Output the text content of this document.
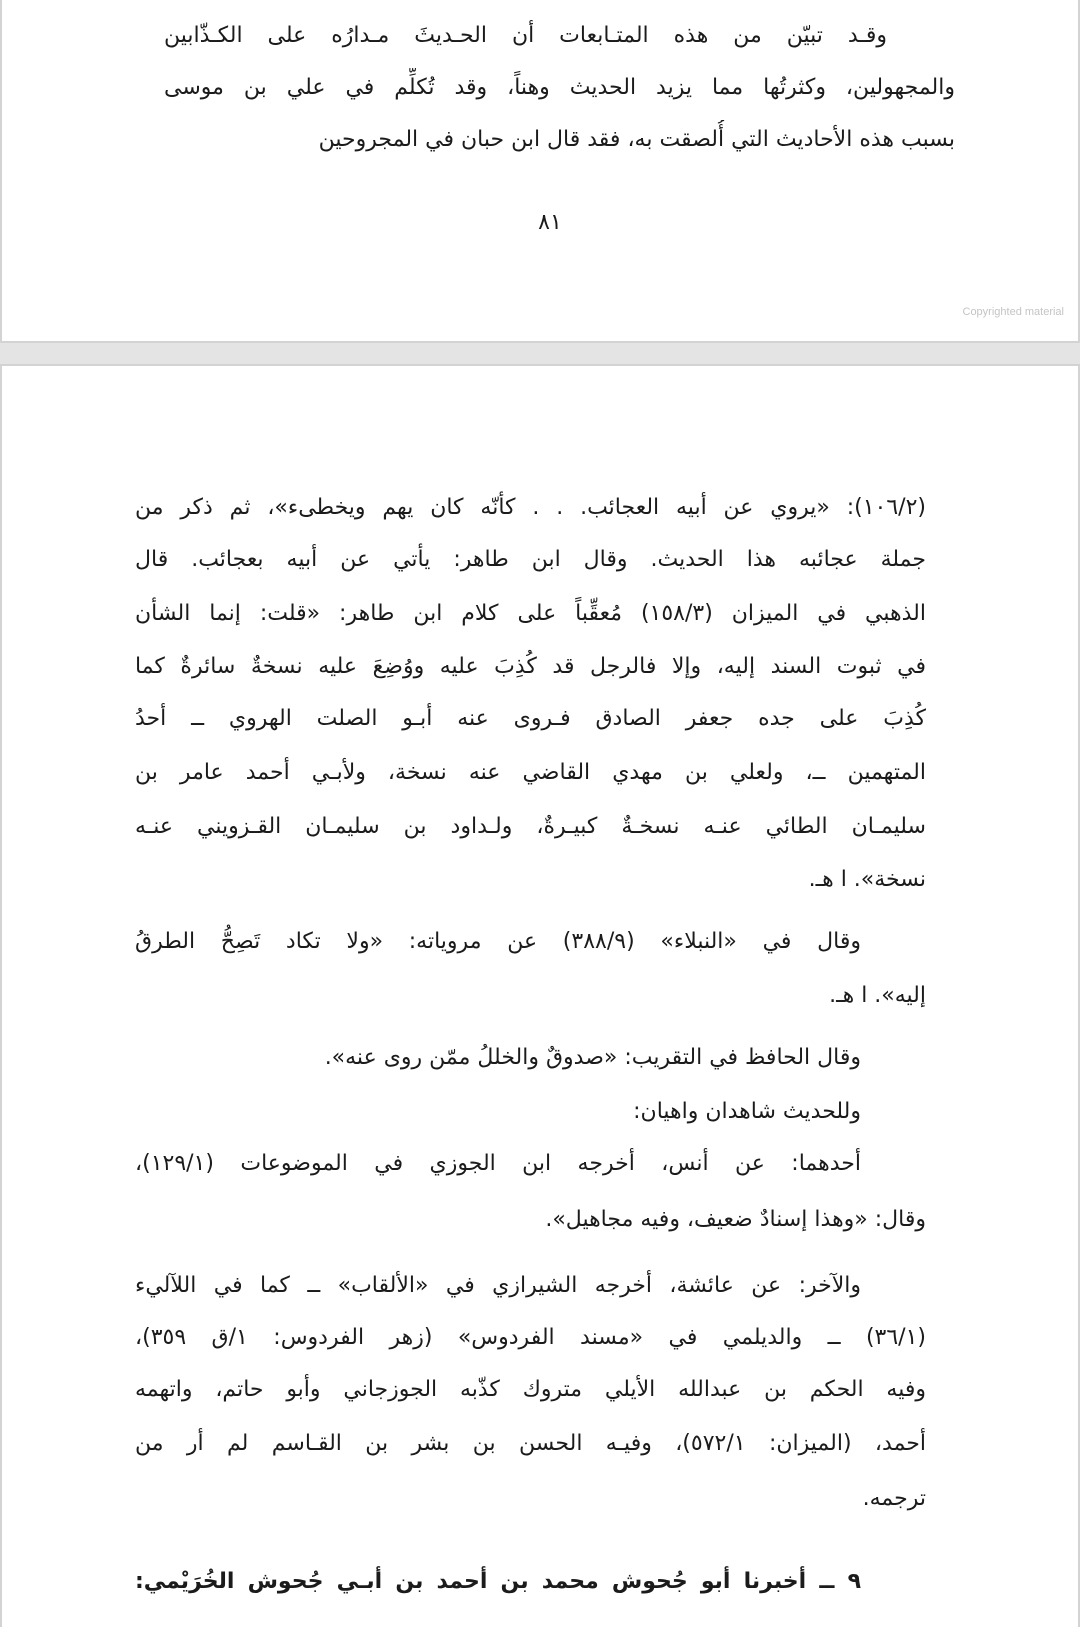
وقـد تبيّن من هذه المتـابعات أن الحـديثَ مـدارُه على الكـذّابين
والمجهولين، وكثرتُها مما يزيد الحديث وهناً، وقد تُكلِّم في علي بن موسى
بسبب هذه الأحاديث التي أُلصقت به، فقد قال ابن حبان في المجروحين
٨١
Copyrighted material
(١٠٦/٢): «يروي عن أبيه العجائب. . . كأنّه كان يهم ويخطىء»، ثم ذكر من
جملة عجائبه هذا الحديث. وقال ابن طاهر: يأتي عن أبيه بعجائب. قال
الذهبي في الميزان (١٥٨/٣) مُعقِّباً على كلام ابن طاهر: «قلت: إنما الشأن
في ثبوت السند إليه، وإلا فالرجل قد كُذِبَ عليه ووُضِعَ عليه نسخةٌ سائرةٌ كما
كُذِبَ على جده جعفر الصادق فـروى عنه أبـو الصلت الهروي ــ أحدُ
المتهمين ــ، ولعلي بن مهدي القاضي عنه نسخة، ولأبـي أحمد عامر بن
سليمـان الطائي عنـه نسخـةٌ كبيـرةٌ، ولـداود بن سليمـان القـزويني عنـه
نسخة». ا هـ.
وقال في «النبلاء» (٣٨٨/٩) عن مروياته: «ولا تكاد تَصِحُّ الطرقُ
إليه». ا هـ.
وقال الحافظ في التقريب: «صدوقٌ والخللُ ممّن روى عنه».
وللحديث شاهدان واهيان:
أحدهما: عن أنس، أخرجه ابن الجوزي في الموضوعات (١٢٩/١)،
وقال: «وهذا إسنادٌ ضعيف، وفيه مجاهيل».
والآخر: عن عائشة، أخرجه الشيرازي في «الألقاب» ــ كما في اللآليء
(٣٦/١) ــ والديلمي في «مسند الفردوس» (زهر الفردوس: ١/ق ٣٥٩)،
وفيه الحكم بن عبدالله الأيلي متروك كذّبه الجوزجاني وأبو حاتم، واتهمه
أحمد، (الميزان: ٥٧٢/١)، وفيـه الحسن بن بشر بن القـاسم لم أر من
ترجمه.
٩ ــ أخبرنا أبو جُحوش محمد بن أحمد بن أبـي جُحوش الخُرَيْمي:
